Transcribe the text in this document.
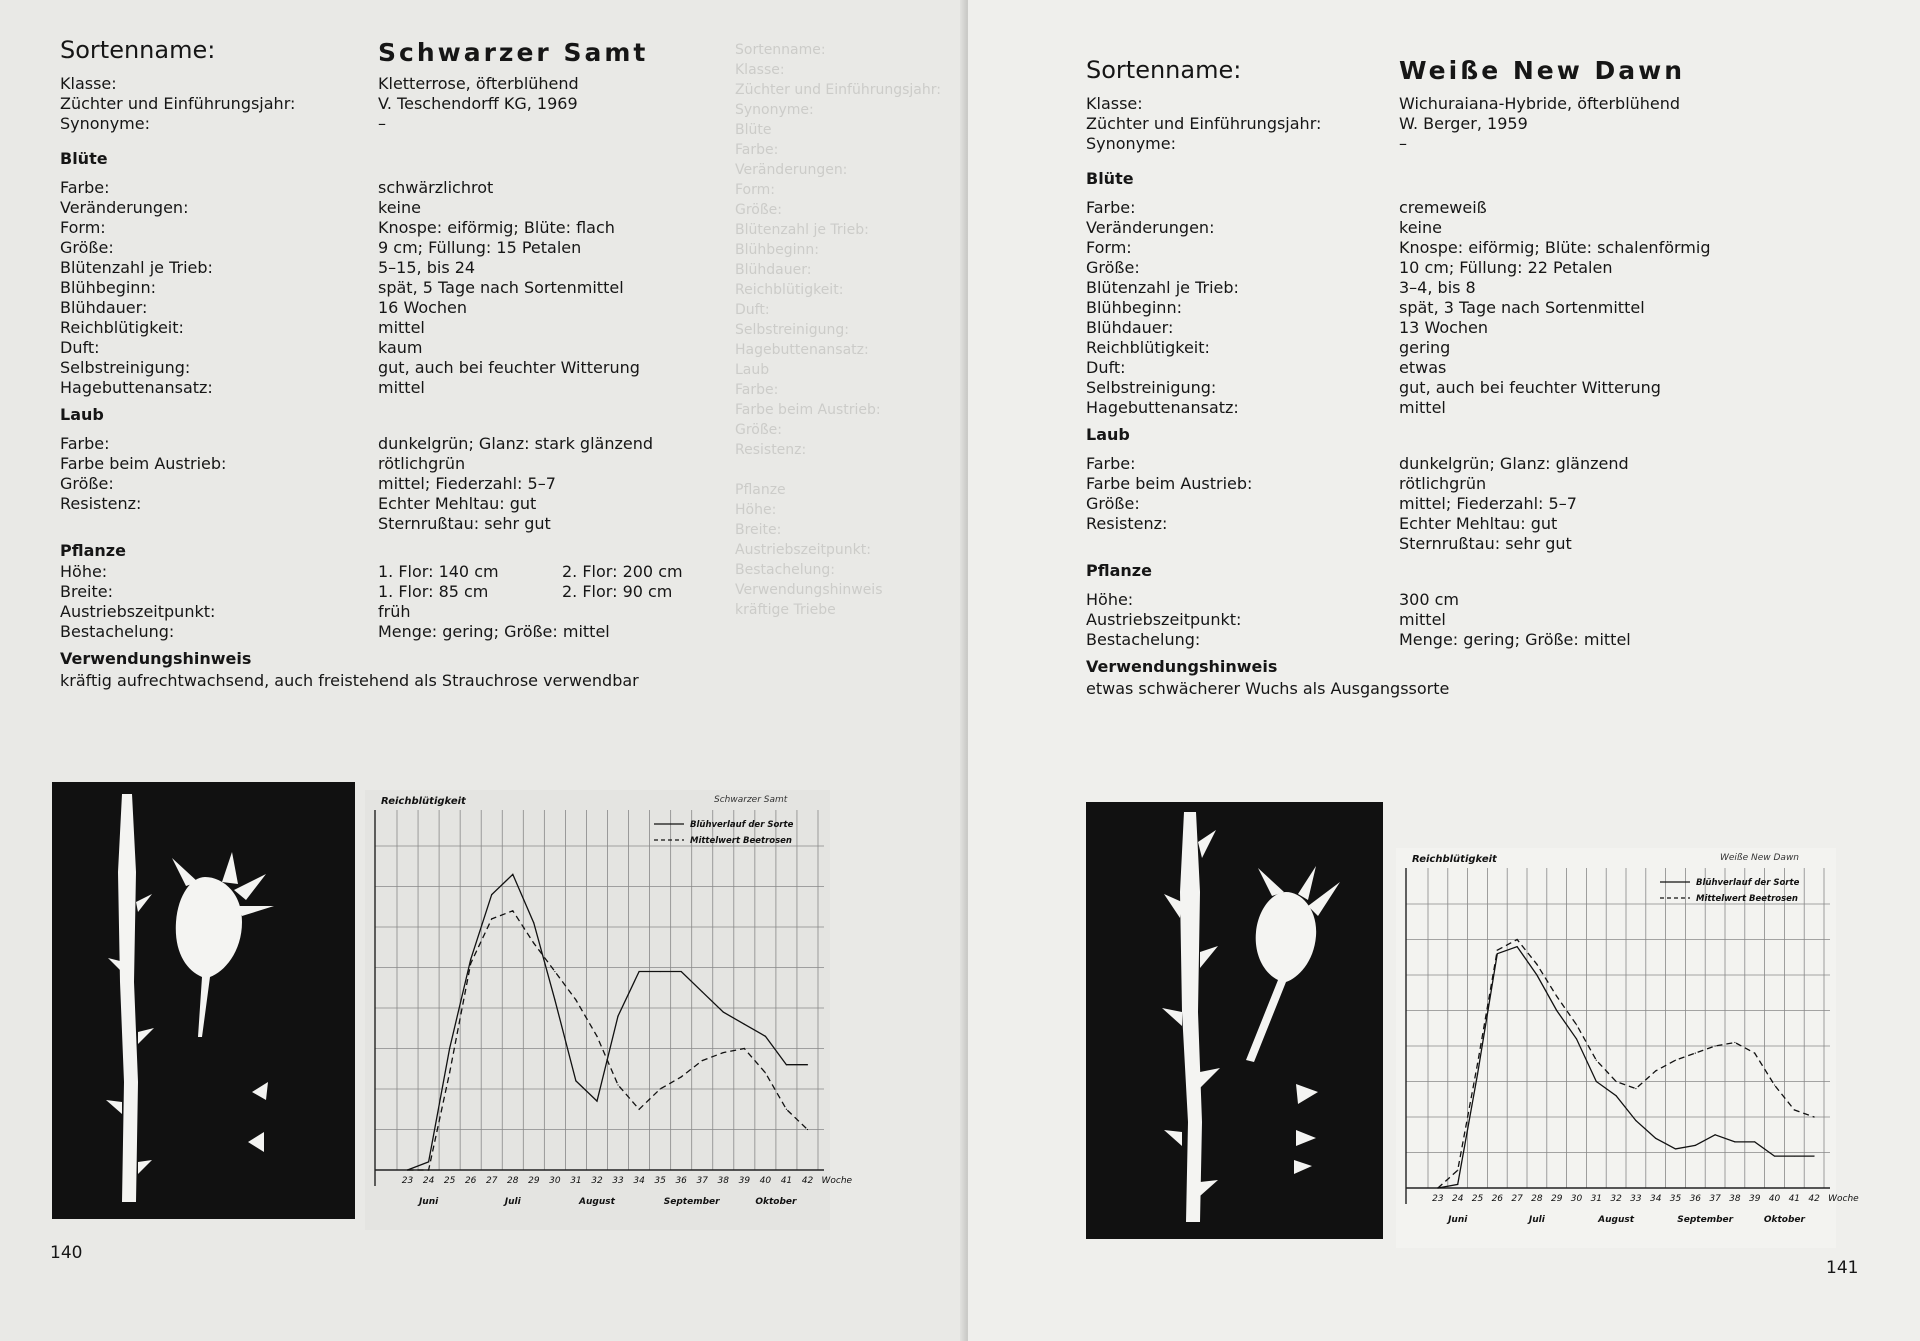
Sortenname:
Klasse:
Züchter und Einführungsjahr:
Synonyme:
Blüte
Farbe:
Veränderungen:
Form:
Größe:
Blütenzahl je Trieb:
Blühbeginn:
Blühdauer:
Reichblütigkeit:
Duft:
Selbstreinigung:
Hagebuttenansatz:
Laub
Farbe:
Farbe beim Austrieb:
Größe:
Resistenz:
Pflanze
Höhe:
Breite:
Austriebszeitpunkt:
Bestachelung:
Verwendungshinweis
kräftige Triebe
Sortenname:	Schwarzer Samt
Klasse:	Kletterrose, öfterblühend
Züchter und Einführungsjahr:	V. Teschendorff KG, 1969
Synonyme:	–
Blüte
Farbe:	schwärzlichrot
Veränderungen:	keine
Form:	Knospe: eiförmig; Blüte: flach
Größe:	9 cm; Füllung: 15 Petalen
Blütenzahl je Trieb:	5–15, bis 24
Blühbeginn:	spät, 5 Tage nach Sortenmittel
Blühdauer:	16 Wochen
Reichblütigkeit:	mittel
Duft:	kaum
Selbstreinigung:	gut, auch bei feuchter Witterung
Hagebuttenansatz:	mittel
Laub
Farbe:	dunkelgrün; Glanz: stark glänzend
Farbe beim Austrieb:	rötlichgrün
Größe:	mittel; Fiederzahl: 5–7
Resistenz:	Echter Mehltau: gut
Sternrußtau: sehr gut
Pflanze
Höhe:	1. Flor: 140 cm	2. Flor: 200 cm
Breite:	1. Flor: 85 cm	2. Flor: 90 cm
Austriebszeitpunkt:	früh
Bestachelung:	Menge: gering; Größe: mittel
Verwendungshinweis
kräftig aufrechtwachsend, auch freistehend als Strauchrose verwendbar
Reichblütigkeit	Schwarzer Samt
Blühverlauf der Sorte
Mittelwert Beetrosen
23 24 25 26 27 28 29 30 31 32 33 34 35 36 37 38 39 40 41 42 Woche
Juni	Juli	August	September	Oktober
140
Sortenname:	Weiße New Dawn
Klasse:	Wichuraiana-Hybride, öfterblühend
Züchter und Einführungsjahr:	W. Berger, 1959
Synonyme:	–
Blüte
Farbe:	cremeweiß
Veränderungen:	keine
Form:	Knospe: eiförmig; Blüte: schalenförmig
Größe:	10 cm; Füllung: 22 Petalen
Blütenzahl je Trieb:	3–4, bis 8
Blühbeginn:	spät, 3 Tage nach Sortenmittel
Blühdauer:	13 Wochen
Reichblütigkeit:	gering
Duft:	etwas
Selbstreinigung:	gut, auch bei feuchter Witterung
Hagebuttenansatz:	mittel
Laub
Farbe:	dunkelgrün; Glanz: glänzend
Farbe beim Austrieb:	rötlichgrün
Größe:	mittel; Fiederzahl: 5–7
Resistenz:	Echter Mehltau: gut
Sternrußtau: sehr gut
Pflanze
Höhe:	300 cm
Austriebszeitpunkt:	mittel
Bestachelung:	Menge: gering; Größe: mittel
Verwendungshinweis
etwas schwächerer Wuchs als Ausgangssorte
Reichblütigkeit	Weiße New Dawn
Blühverlauf der Sorte
Mittelwert Beetrosen
23 24 25 26 27 28 29 30 31 32 33 34 35 36 37 38 39 40 41 42 Woche
Juni	Juli	August	September	Oktober
141
